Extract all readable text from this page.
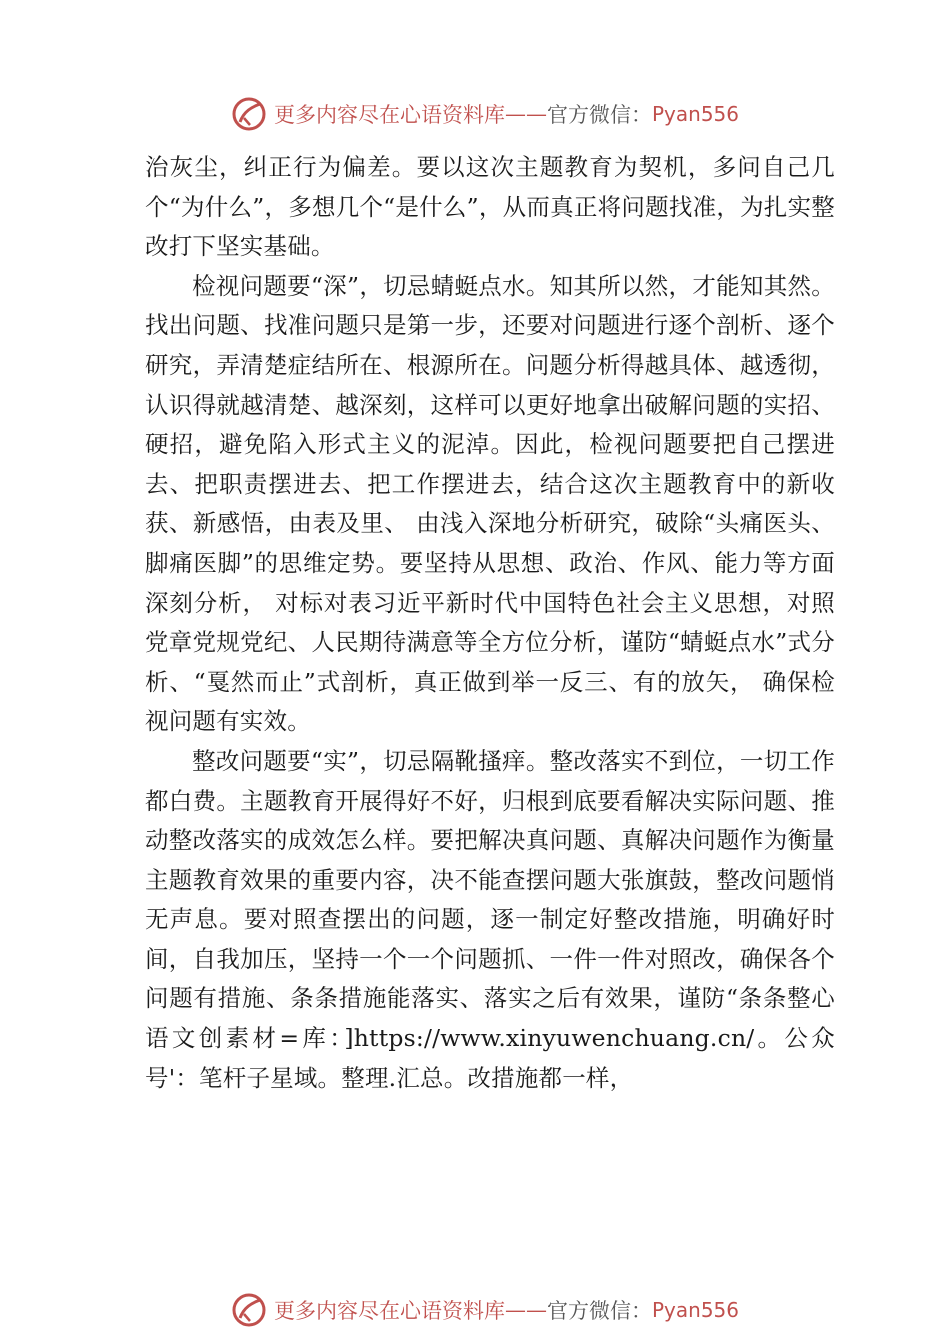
更多内容尽在心语资料库 —— 官方微信： Pyan556

治灰尘，纠正行为偏差。要以这次主题教育为契机，多问自己几个“为什么”，多想几个“是什么”，从而真正将问题找准，为扎实整改打下坚实基础。

检视问题要“深”，切忌蜻蜓点水。知其所以然，才能知其然。找出问题、找准问题只是第一步，还要对问题进行逐个剖析、逐个研究，弄清楚症结所在、根源所在。问题分析得越具体、越透彻，认识得就越清楚、越深刻，这样可以更好地拿出破解问题的实招、硬招，避免陷入形式主义的泥淖。因此，检视问题要把自己摆进去、把职责摆进去、把工作摆进去，结合这次主题教育中的新收获、新感悟，由表及里、 由浅入深地分析研究，破除“头痛医头、脚痛医脚”的思维定势。要坚持从思想、政治、作风、能力等方面深刻分析， 对标对表习近平新时代中国特色社会主义思想，对照党章党规党纪、人民期待满意等全方位分析，谨防“蜻蜓点水”式分析、“戛然而止”式剖析，真正做到举一反三、有的放矢， 确保检视问题有实效。

整改问题要“实”，切忌隔靴搔痒。整改落实不到位，一切工作都白费。主题教育开展得好不好，归根到底要看解决实际问题、推动整改落实的成效怎么样。要把解决真问题、真解决问题作为衡量主题教育效果的重要内容，决不能查摆问题大张旗鼓，整改问题悄无声息。要对照查摆出的问题，逐一制定好整改措施，明确好时间，自我加压，坚持一个一个问题抓、一件一件对照改，确保各个问题有措施、条条措施能落实、落实之后有效果，谨防“条条整心语文创素材=库：]https://www.xinyuwenchuang.cn/。公众号'：笔杆子星域。整理.汇总。改措施都一样，

更多内容尽在心语资料库 —— 官方微信： Pyan556
